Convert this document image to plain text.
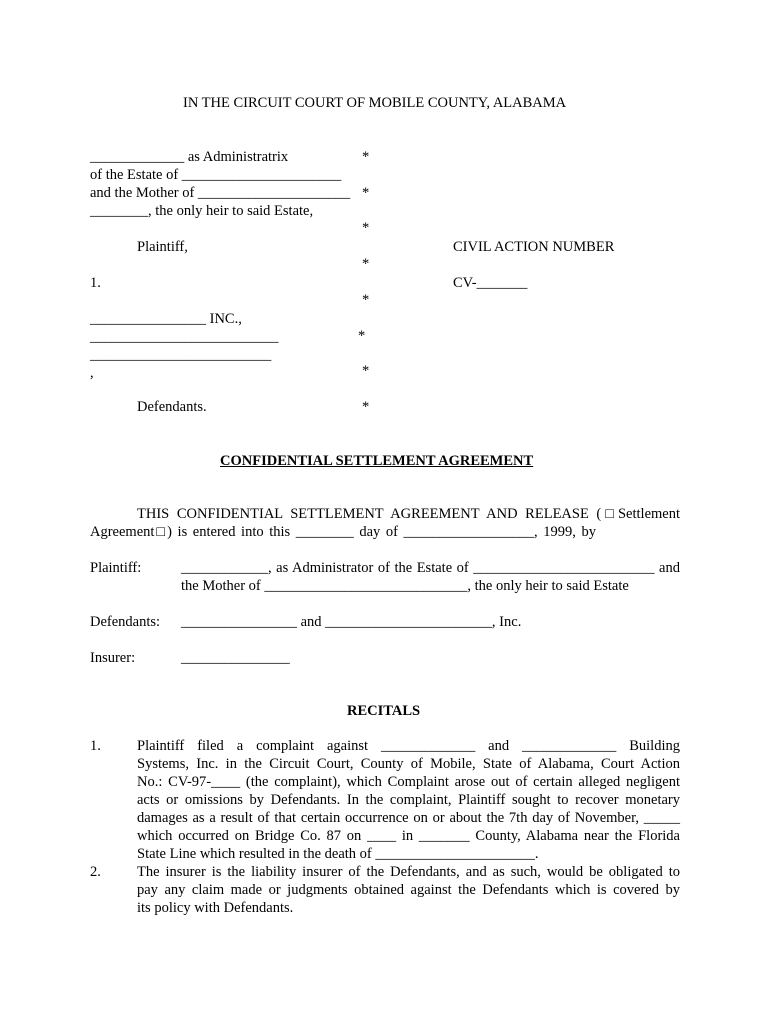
IN THE CIRCUIT COURT OF MOBILE COUNTY, ALABAMA
_____________ as Administratrix
of the Estate of ______________________
and the Mother of _____________________
________, the only heir to said Estate,
Plaintiff,
1.
________________ INC.,
__________________________
_________________________
,
Defendants.
*
*
*
*
*
*
*
*
CIVIL ACTION NUMBER
CV-_______
CONFIDENTIAL SETTLEMENT AGREEMENT
THIS CONFIDENTIAL SETTLEMENT AGREEMENT AND RELEASE (□Settlement
Agreement□) is entered into this ________ day of __________________, 1999, by
Plaintiff:	____________, as Administrator of the Estate of _________________________ and
the Mother of ____________________________, the only heir to said Estate
Defendants: ________________ and _______________________, Inc.
Insurer:	_______________
RECITALS
1. Plaintiff filed a complaint against _____________ and _____________ Building
Systems, Inc. in the Circuit Court, County of Mobile, State of Alabama, Court Action
No.: CV-97-____ (the complaint), which Complaint arose out of certain alleged negligent
acts or omissions by Defendants. In the complaint, Plaintiff sought to recover monetary
damages as a result of that certain occurrence on or about the 7th day of November, _____
which occurred on Bridge Co. 87 on ____ in _______ County, Alabama near the Florida
State Line which resulted in the death of ______________________.
2. The insurer is the liability insurer of the Defendants, and as such, would be obligated to
pay any claim made or judgments obtained against the Defendants which is covered by
its policy with Defendants.
